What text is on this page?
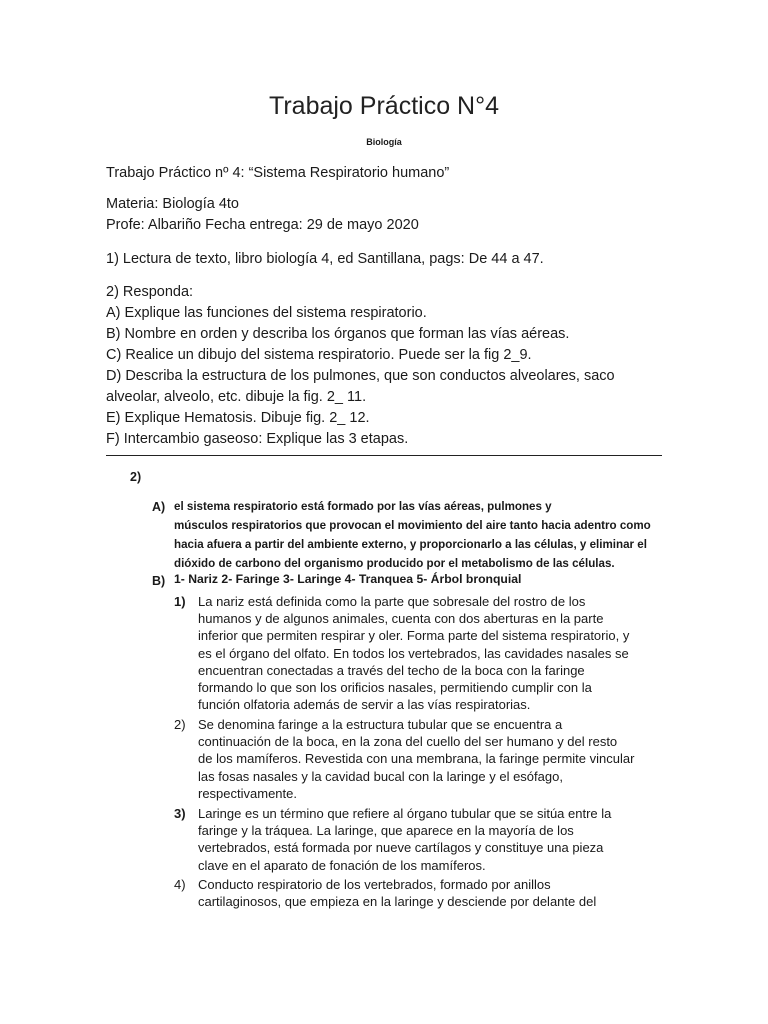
Trabajo Práctico N°4
Biología
Trabajo Práctico nº 4: “Sistema Respiratorio humano”
Materia: Biología 4to
Profe: Albariño Fecha entrega: 29 de mayo 2020
1) Lectura de texto, libro biología 4, ed Santillana, pags: De 44 a 47.
2) Responda:
A) Explique las funciones del sistema respiratorio.
B) Nombre en orden y describa los órganos que forman las vías aéreas.
C) Realice un dibujo del sistema respiratorio. Puede ser la fig 2_9.
D) Describa la estructura de los pulmones, que son conductos alveolares, saco
alveolar, alveolo, etc. dibuje la fig. 2_ 11.
E) Explique Hematosis. Dibuje fig. 2_ 12.
F) Intercambio gaseoso: Explique las 3 etapas.
2)
A) el sistema respiratorio está formado por las vías aéreas, pulmones y
músculos respiratorios que provocan el movimiento del aire tanto hacia adentro como
hacia afuera a partir del ambiente externo, y proporcionarlo a las células, y eliminar el
dióxido de carbono del organismo producido por el metabolismo de las células.
B) 1- Nariz 2- Faringe 3- Laringe 4- Tranquea 5- Árbol bronquial
1) La nariz está definida como la parte que sobresale del rostro de los
humanos y de algunos animales, cuenta con dos aberturas en la parte
inferior que permiten respirar y oler. Forma parte del sistema respiratorio, y
es el órgano del olfato. En todos los vertebrados, las cavidades nasales se
encuentran conectadas a través del techo de la boca con la faringe
formando lo que son los orificios nasales, permitiendo cumplir con la
función olfatoria además de servir a las vías respiratorias.
2) Se denomina faringe a la estructura tubular que se encuentra a
continuación de la boca, en la zona del cuello del ser humano y del resto
de los mamíferos. Revestida con una membrana, la faringe permite vincular
las fosas nasales y la cavidad bucal con la laringe y el esófago,
respectivamente.
3) Laringe es un término que refiere al órgano tubular que se sitúa entre la
faringe y la tráquea. La laringe, que aparece en la mayoría de los
vertebrados, está formada por nueve cartílagos y constituye una pieza
clave en el aparato de fonación de los mamíferos.
4) Conducto respiratorio de los vertebrados, formado por anillos
cartilaginosos, que empieza en la laringe y desciende por delante del
